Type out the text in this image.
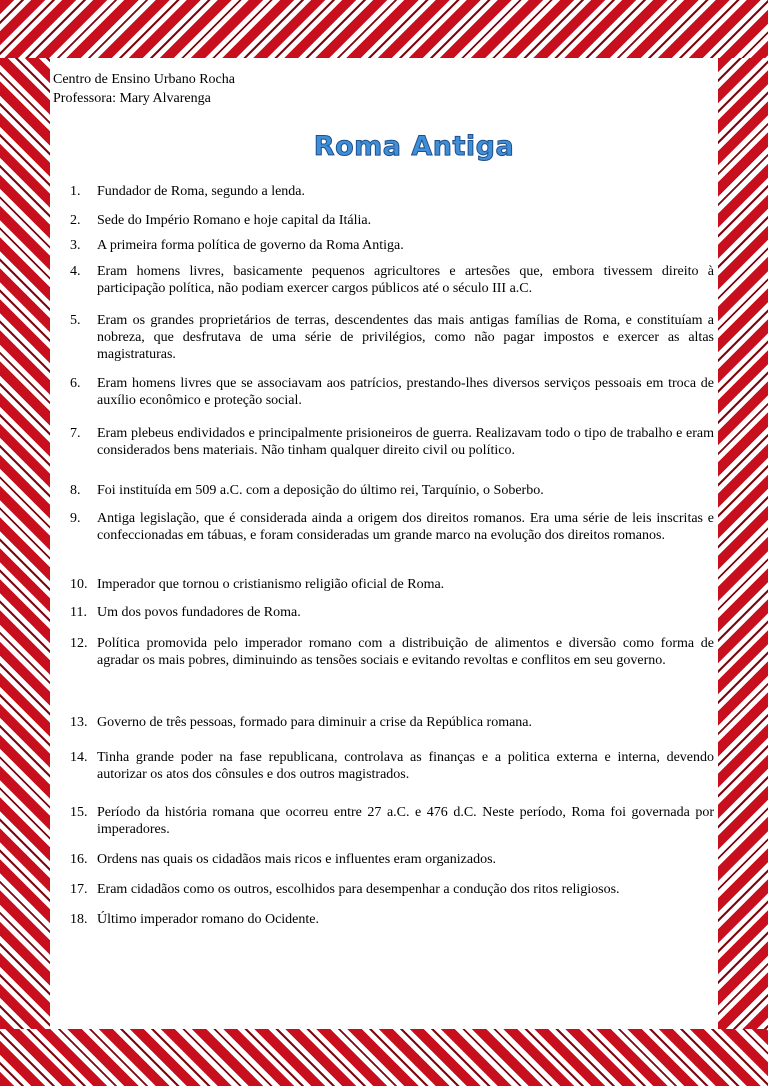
Centro de Ensino Urbano Rocha
Professora: Mary Alvarenga
Roma Antiga
1.	Fundador de Roma, segundo a lenda.
2.	Sede do Império Romano e hoje capital da Itália.
3.	A primeira forma política de governo da Roma Antiga.
4.	Eram homens livres, basicamente pequenos agricultores e artesões que, embora tivessem direito à participação política, não podiam exercer cargos públicos até o século III a.C.
5.	Eram os grandes proprietários de terras, descendentes das mais antigas famílias de Roma, e constituíam a nobreza, que desfrutava de uma série de privilégios, como não pagar impostos e exercer as altas magistraturas.
6.	Eram homens livres que se associavam aos patrícios, prestando-lhes diversos serviços pessoais em troca de auxílio econômico e proteção social.
7.	Eram plebeus endividados e principalmente prisioneiros de guerra. Realizavam todo o tipo de trabalho e eram considerados bens materiais. Não tinham qualquer direito civil ou político.
8.	Foi instituída em 509 a.C. com a deposição do último rei, Tarquínio, o Soberbo.
9.	Antiga legislação, que é considerada ainda a origem dos direitos romanos. Era uma série de leis inscritas e confeccionadas em tábuas, e foram consideradas um grande marco na evolução dos direitos romanos.
10. Imperador que tornou o cristianismo religião oficial de Roma.
11. Um dos povos fundadores de Roma.
12. Política promovida pelo imperador romano com a distribuição de alimentos e diversão como forma de agradar os mais pobres, diminuindo as tensões sociais e evitando revoltas e conflitos em seu governo.
13. Governo de três pessoas, formado para diminuir a crise da República romana.
14. Tinha grande poder na fase republicana, controlava as finanças e a politica externa e interna, devendo autorizar os atos dos cônsules e dos outros magistrados.
15. Período da história romana que ocorreu entre 27 a.C. e 476 d.C. Neste período, Roma foi governada por imperadores.
16. Ordens nas quais os cidadãos mais ricos e influentes eram organizados.
17. Eram cidadãos como os outros, escolhidos para desempenhar a condução dos ritos religiosos.
18. Último imperador romano do Ocidente.
